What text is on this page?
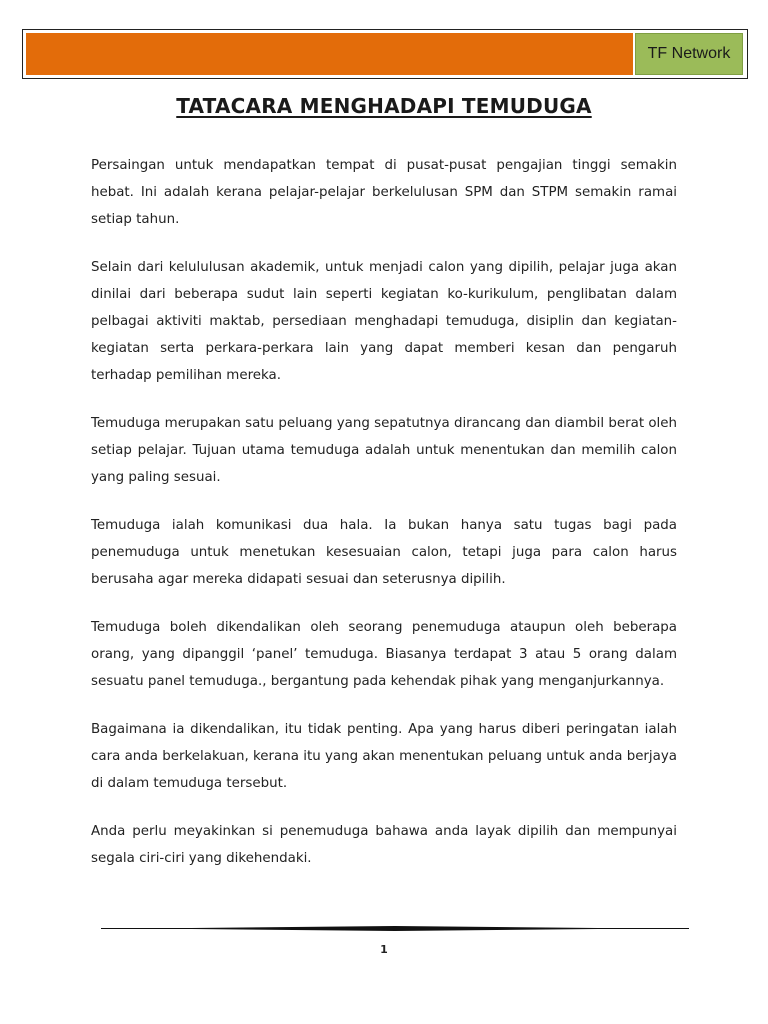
TF Network
TATACARA MENGHADAPI TEMUDUGA

Persaingan untuk mendapatkan tempat di pusat-pusat pengajian tinggi semakin hebat. Ini adalah kerana pelajar-pelajar berkelulusan SPM dan STPM semakin ramai setiap tahun.

Selain dari kelululusan akademik, untuk menjadi calon yang dipilih, pelajar juga akan dinilai dari beberapa sudut lain seperti kegiatan ko-kurikulum, penglibatan dalam pelbagai aktiviti maktab, persediaan menghadapi temuduga, disiplin dan kegiatan-kegiatan serta perkara-perkara lain yang dapat memberi kesan dan pengaruh terhadap pemilihan mereka.

Temuduga merupakan satu peluang yang sepatutnya dirancang dan diambil berat oleh setiap pelajar. Tujuan utama temuduga adalah untuk menentukan dan memilih calon yang paling sesuai.

Temuduga ialah komunikasi dua hala. Ia bukan hanya satu tugas bagi pada penemuduga untuk menetukan kesesuaian calon, tetapi juga para calon harus berusaha agar mereka didapati sesuai dan seterusnya dipilih.

Temuduga boleh dikendalikan oleh seorang penemuduga ataupun oleh beberapa orang, yang dipanggil ‘panel’ temuduga. Biasanya terdapat 3 atau 5 orang dalam sesuatu panel temuduga., bergantung pada kehendak pihak yang menganjurkannya.

Bagaimana ia dikendalikan, itu tidak penting. Apa yang harus diberi peringatan ialah cara anda berkelakuan, kerana itu yang akan menentukan peluang untuk anda berjaya di dalam temuduga tersebut.

Anda perlu meyakinkan si penemuduga bahawa anda layak dipilih dan mempunyai segala ciri-ciri yang dikehendaki.

1
